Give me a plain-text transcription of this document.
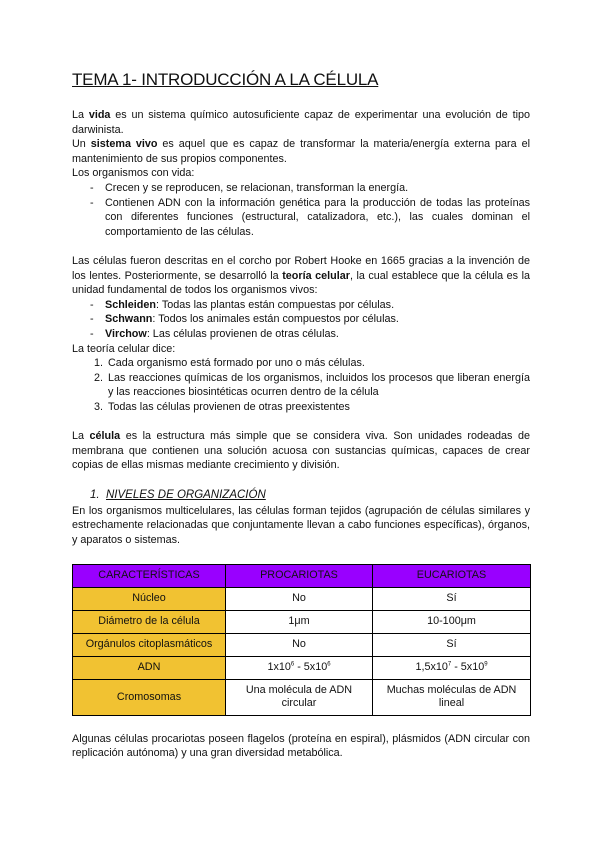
TEMA 1- INTRODUCCIÓN A LA CÉLULA

La vida es un sistema químico autosuficiente capaz de experimentar una evolución de tipo darwinista.

Un sistema vivo es aquel que es capaz de transformar la materia/energía externa para el mantenimiento de sus propios componentes.

Los organismos con vida:

- Crecen y se reproducen, se relacionan, transforman la energía.
- Contienen ADN con la información genética para la producción de todas las proteínas con diferentes funciones (estructural, catalizadora, etc.), las cuales dominan el comportamiento de las células.

Las células fueron descritas en el corcho por Robert Hooke en 1665 gracias a la invención de los lentes. Posteriormente, se desarrolló la teoría celular, la cual establece que la célula es la unidad fundamental de todos los organismos vivos:

- Schleiden: Todas las plantas están compuestas por células.
- Schwann: Todos los animales están compuestos por células.
- Virchow: Las células provienen de otras células.

La teoría celular dice:

1. Cada organismo está formado por uno o más células.
2. Las reacciones químicas de los organismos, incluidos los procesos que liberan energía y las reacciones biosintéticas ocurren dentro de la célula
3. Todas las células provienen de otras preexistentes

La célula es la estructura más simple que se considera viva. Son unidades rodeadas de membrana que contienen una solución acuosa con sustancias químicas, capaces de crear copias de ellas mismas mediante crecimiento y división.

1. NIVELES DE ORGANIZACIÓN

En los organismos multicelulares, las células forman tejidos (agrupación de células similares y estrechamente relacionadas que conjuntamente llevan a cabo funciones específicas), órganos, y aparatos o sistemas.

CARACTERÍSTICAS	PROCARIOTAS	EUCARIOTAS
Núcleo	No	Sí
Diámetro de la célula	1μm	10-100μm
Orgánulos citoplasmáticos	No	Sí
ADN	$1x10^6 - 5x10^6$	$1,5x10^7 - 5x10^9$
Cromosomas	Una molécula de ADN circular	Muchas moléculas de ADN lineal

Algunas células procariotas poseen flagelos (proteína en espiral), plásmidos (ADN circular con replicación autónoma) y una gran diversidad metabólica.
